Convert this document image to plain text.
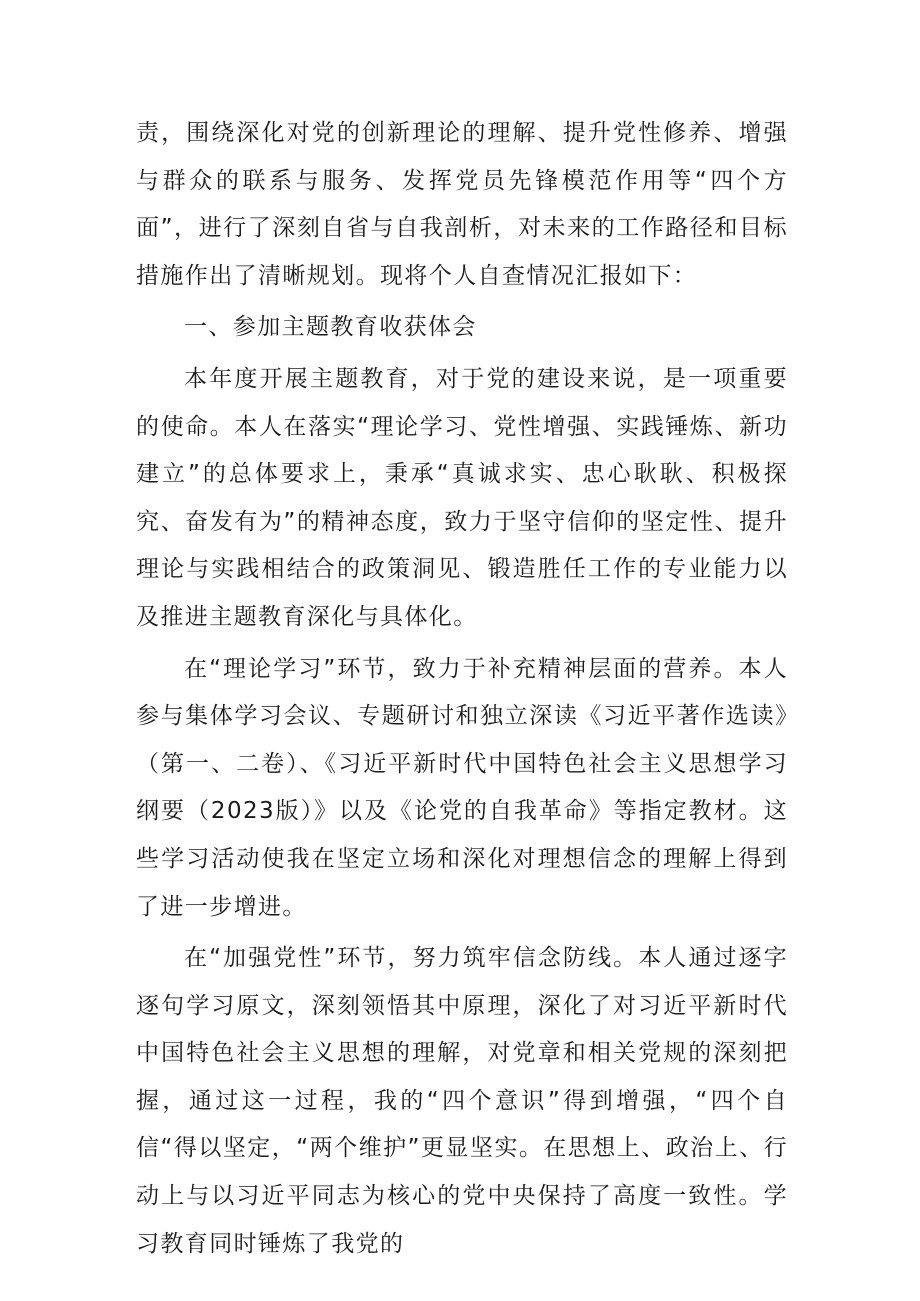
责，围绕深化对党的创新理论的理解、提升党性修养、增强与群众的联系与服务、发挥党员先锋模范作用等“四个方面”，进行了深刻自省与自我剖析，对未来的工作路径和目标措施作出了清晰规划。现将个人自查情况汇报如下：

一、参加主题教育收获体会

本年度开展主题教育，对于党的建设来说，是一项重要的使命。本人在落实“理论学习、党性增强、实践锤炼、新功建立”的总体要求上，秉承“真诚求实、忠心耿耿、积极探究、奋发有为”的精神态度，致力于坚守信仰的坚定性、提升理论与实践相结合的政策洞见、锻造胜任工作的专业能力以及推进主题教育深化与具体化。

在“理论学习”环节，致力于补充精神层面的营养。本人参与集体学习会议、专题研讨和独立深读《习近平著作选读》（第一、二卷）、《习近平新时代中国特色社会主义思想学习纲要（2023版）》以及《论党的自我革命》等指定教材。这些学习活动使我在坚定立场和深化对理想信念的理解上得到了进一步增进。

在“加强党性”环节，努力筑牢信念防线。本人通过逐字逐句学习原文，深刻领悟其中原理，深化了对习近平新时代中国特色社会主义思想的理解，对党章和相关党规的深刻把握，通过这一过程，我的“四个意识”得到增强，“四个自信“得以坚定，“两个维护”更显坚实。在思想上、政治上、行动上与以习近平同志为核心的党中央保持了高度一致性。学习教育同时锤炼了我党的
